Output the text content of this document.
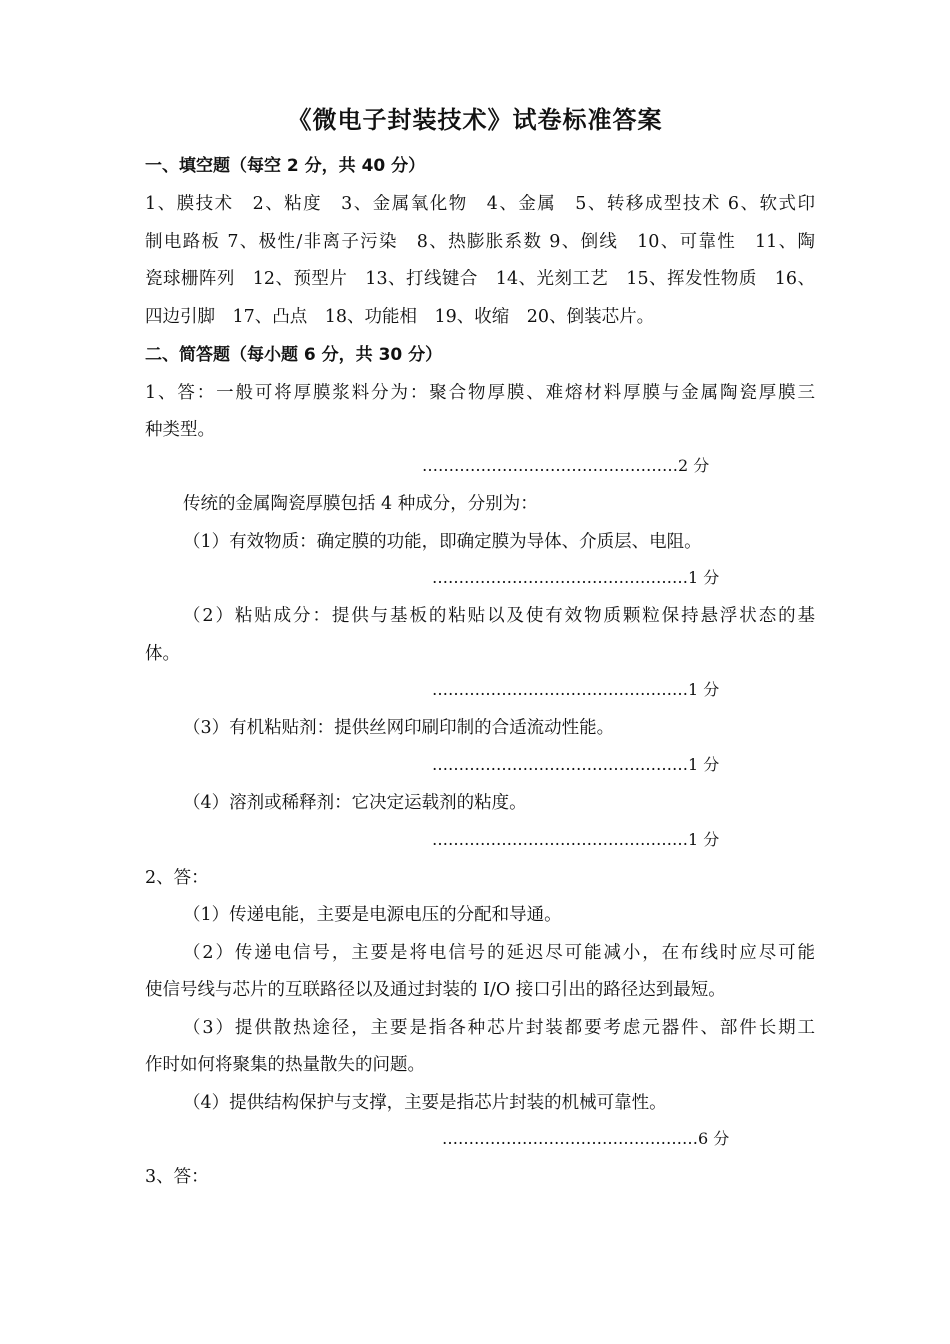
《微电子封装技术》试卷标准答案
一、填空题（每空 2 分，共 40 分）
1、膜技术　2、粘度　3、金属氧化物　4、金属　5、转移成型技术 6、软式印
制电路板 7、极性/非离子污染　8、热膨胀系数 9、倒线　10、可靠性　11、陶
瓷球栅阵列　12、预型片　13、打线键合　14、光刻工艺　15、挥发性物质　16、
四边引脚　17、凸点　18、功能相　19、收缩　20、倒装芯片。
二、简答题（每小题 6 分，共 30 分）
1、答：一般可将厚膜浆料分为：聚合物厚膜、难熔材料厚膜与金属陶瓷厚膜三
种类型。
…………………………………………2 分
传统的金属陶瓷厚膜包括 4 种成分，分别为：
（1）有效物质：确定膜的功能，即确定膜为导体、介质层、电阻。
…………………………………………1 分
（2）粘贴成分：提供与基板的粘贴以及使有效物质颗粒保持悬浮状态的基
体。
…………………………………………1 分
（3）有机粘贴剂：提供丝网印刷印制的合适流动性能。
…………………………………………1 分
（4）溶剂或稀释剂：它决定运载剂的粘度。
…………………………………………1 分
2、答：
（1）传递电能，主要是电源电压的分配和导通。
（2）传递电信号，主要是将电信号的延迟尽可能减小，在布线时应尽可能
使信号线与芯片的互联路径以及通过封装的 I/O 接口引出的路径达到最短。
（3）提供散热途径，主要是指各种芯片封装都要考虑元器件、部件长期工
作时如何将聚集的热量散失的问题。
（4）提供结构保护与支撑，主要是指芯片封装的机械可靠性。
…………………………………………6 分
3、答：
